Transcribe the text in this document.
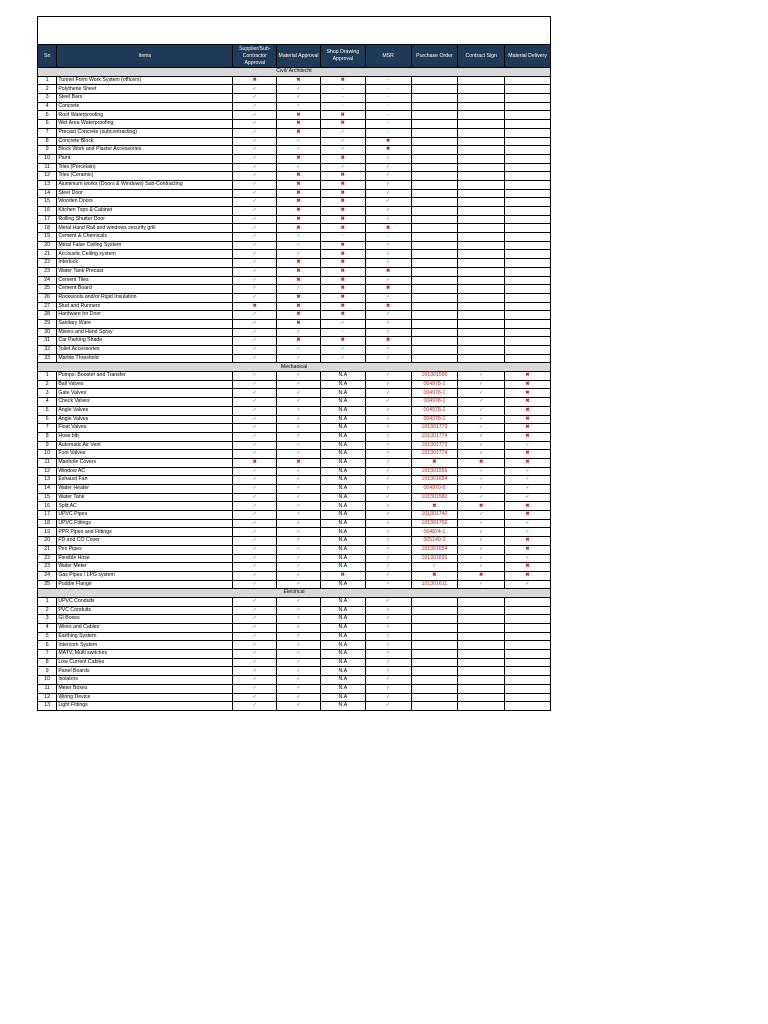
Sn	Items	Supplier/Sub-Contractor Approval	Material Approval	Shop Drawing Approval	MSR	Purchase Order	Contract Sign	Material Delivery
Civil/ Architecht								
1	Tunnel Form Work System (officers)	✖	✖	✖	-			
2	Polythene Sheet	✓	✓	-	-			
3	Steel Bars	✓	✓	-	-			
4	Concrete	✓	✓	-	-			
5	Roof Waterproofing	✓	✖	✖	-			
6	Wet Area Waterproofing	✓	✖	✖	-			
7	Precast Concrete (subcontracting)	✓	✖	✓	-			
8	Concrete Block	✓	✓	✓	✖			
9	Block Work and Plaster Accessories	✓	✓	✓	✖			
10	Paint	✓	✖	✖	✓			
11	Tiles (Porcelain)	✓	✓	✓	✓			
12	Tiles (Ceramic)	✓	✖	✖	✓			
13	Aluminium works (Doors & Windows) Sub-Contracting	✓	✖	✖	✓			
14	Steel Door	✓	✖	✖	✓			
15	Wooden Doors	✓	✖	✖	✓			
16	Kitchen Tops & Cabinet	✓	✖	✖	✓			
17	Rolling Shutter Door	✓	✖	✖	✓			
18	Metal Hand Rail and windows security grill	✓	✖	✖	✖			
19	Cement & Chemicals	✓	✓	-	-			
20	Metal False Ceiling System	✓	✓	✖	✓			
21	Accoustic Ceiling system	✓	✓	✖	✓			
22	Interlock	✓	✖	✖	✓			
23	Water Tank Precast	✓	✖	✖	✖			
24	Cement Tiles	✓	✖	✖	✓			
25	Cement Board	✓	✓	✖	✖			
26	Rockwools and/or Rigid Insulation	✓	✖	✖	✓			
27	Stud and Runners	✖	✖	✖	✖			
28	Hardware for Door	✓	✖	✖	✓			
29	Sanitary Ware	✓	✖	✓	✓			
30	Mixers and Hand Spray	✓	✓	-	✓			
31	Car Parking Shade	✓	✖	✖	✖			
32	Toilet Accessories	✓	✓	✓	✓			
33	Marble Threshold	✓	✓	✓	✓			
Mechanical								
1	Pumps: Booster and Transfer	✓	✓	N.A	✓	101301566	✓	✖
2	Ball Valves	✓	✓	N.A	✓	004978-1	✓	✖
3	Gate Valves	✓	✓	N.A	✓	004978-1	✓	✖
4	Check Valves	✓	✓	N.A	✓	004978-1	✓	✖
5	Angle Valves	✓	✓	N.A	✓	004978-1	✓	✖
6	Angle Valves	✓	✓	N.A	✓	004978-1	✓	✖
7	Float Valves	✓	✓	N.A	✓	101301773	✓	✖
8	Hose bib	✓	✓	N.A	✓	101301774	✓	✖
9	Automatic Air Vent	✓	✓	N.A	✓	101301773	✓	✓
10	Foot Valves	✓	✓	N.A	✓	101301774	✓	✖
11	Manhole Covers	✖	✖	N.A	✓	✖	✖	✖
12	Window AC	✓	✓	N.A	✓	101301555	✓	✓
13	Exhaust Fan	✓	✓	N.A	✓	101301654	✓	✓
14	Water Heater	✓	✓	N.A	✓	004970-6	✓	✓
15	Water Tank	✓	✓	N.A	✓	101301580	✓	✓
16	Split AC	✓	✓	N.A	✓	✖	✖	✖
17	UPVC Pipes	✓	✓	N.A	✓	101301740	✓	✖
18	UPVC Fittings	✓	✓	N.A	✓	101301752	✓	✓
19	PPR Pipes and Fittings	✓	✓	N.A	✓	004824-1	✓	✓
20	FD and CO Cover	✓	✓	N.A	✓	005140-2	✓	✖
21	Pex Pipes	✓	✓	N.A	✓	101301654	✓	✖
22	Flexible Hose	✓	✓	N.A	✓	101301826	✓	✓
23	Water Meter	✓	✓	N.A	✓	✓	✓	✖
24	Gas Pipes / LPG system	✓	✓	✖	✓	✖	✖	✖
25	Puddle Flange	✓	✓	N.A	✓	101301611	✓	✓
Electrical								
1	UPVC Conduits	✓	✓	N.A	✓			
2	PVC Conduits	✓	✓	N.A	✓			
3	GI Boxes	✓	✓	N.A	✓			
4	Wires and Cables	✓	✓	N.A	✓			
5	Earthing System	✓	✓	N.A	✓			
6	Intercom System	✓	✓	N.A	✓			
7	MATV, Multi switches	✓	✓	N.A	✓			
8	Low Current Cables	✓	✓	N.A	✓			
9	Panel Boards	✓	✓	N.A	✓			
10	Isolators	✓	✓	N.A	✓			
11	Meter Boxes	✓	✓	N.A	✓			
12	Wiring Device	✓	✓	N.A	✓			
13	Light Fittings	✓	✓	N.A	✓			
